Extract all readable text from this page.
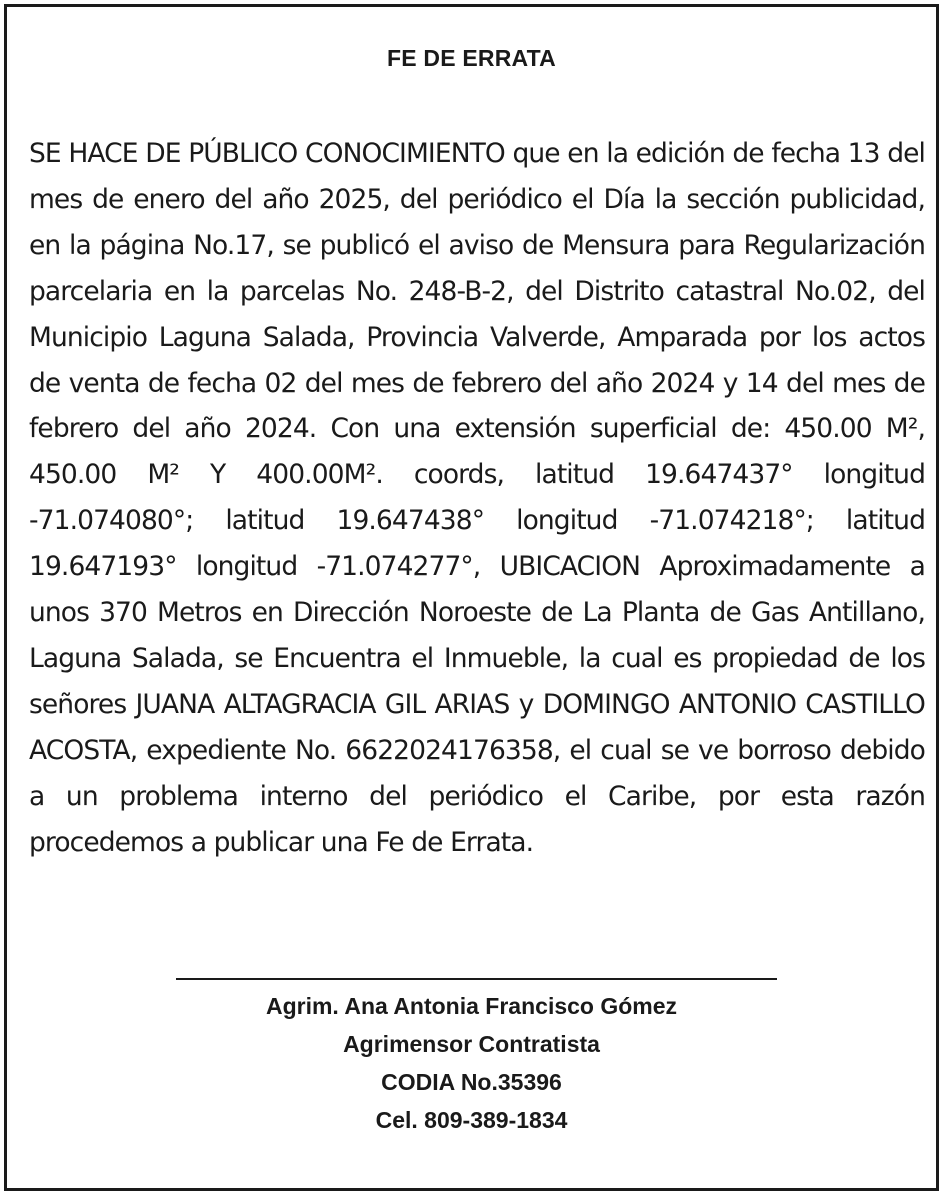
FE DE ERRATA
SE HACE DE PÚBLICO CONOCIMIENTO que en la edición de fecha 13 del mes de enero del año 2025, del periódico el Día la sección publicidad, en la página No.17, se publicó el aviso de Mensura para Regularización parcelaria en la parcelas No. 248-B-2, del Distrito catastral No.02, del Municipio Laguna Salada, Provincia Valverde, Amparada por los actos de venta de fecha 02 del mes de febrero del año 2024 y 14 del mes de febrero del año 2024. Con una extensión superficial de: 450.00 M², 450.00 M² Y 400.00M². coords, latitud 19.647437° longitud -71.074080°; latitud 19.647438° longitud -71.074218°; latitud 19.647193° longitud -71.074277°, UBICACION Aproximadamente a unos 370 Metros en Dirección Noroeste de La Planta de Gas Antillano, Laguna Salada, se Encuentra el Inmueble, la cual es propiedad de los señores JUANA ALTAGRACIA GIL ARIAS y DOMINGO ANTONIO CASTILLO ACOSTA, expediente No. 6622024176358, el cual se ve borroso debido a un problema interno del periódico el Caribe, por esta razón procedemos a publicar una Fe de Errata.
Agrim. Ana Antonia Francisco Gómez
Agrimensor Contratista
CODIA No.35396
Cel. 809-389-1834
